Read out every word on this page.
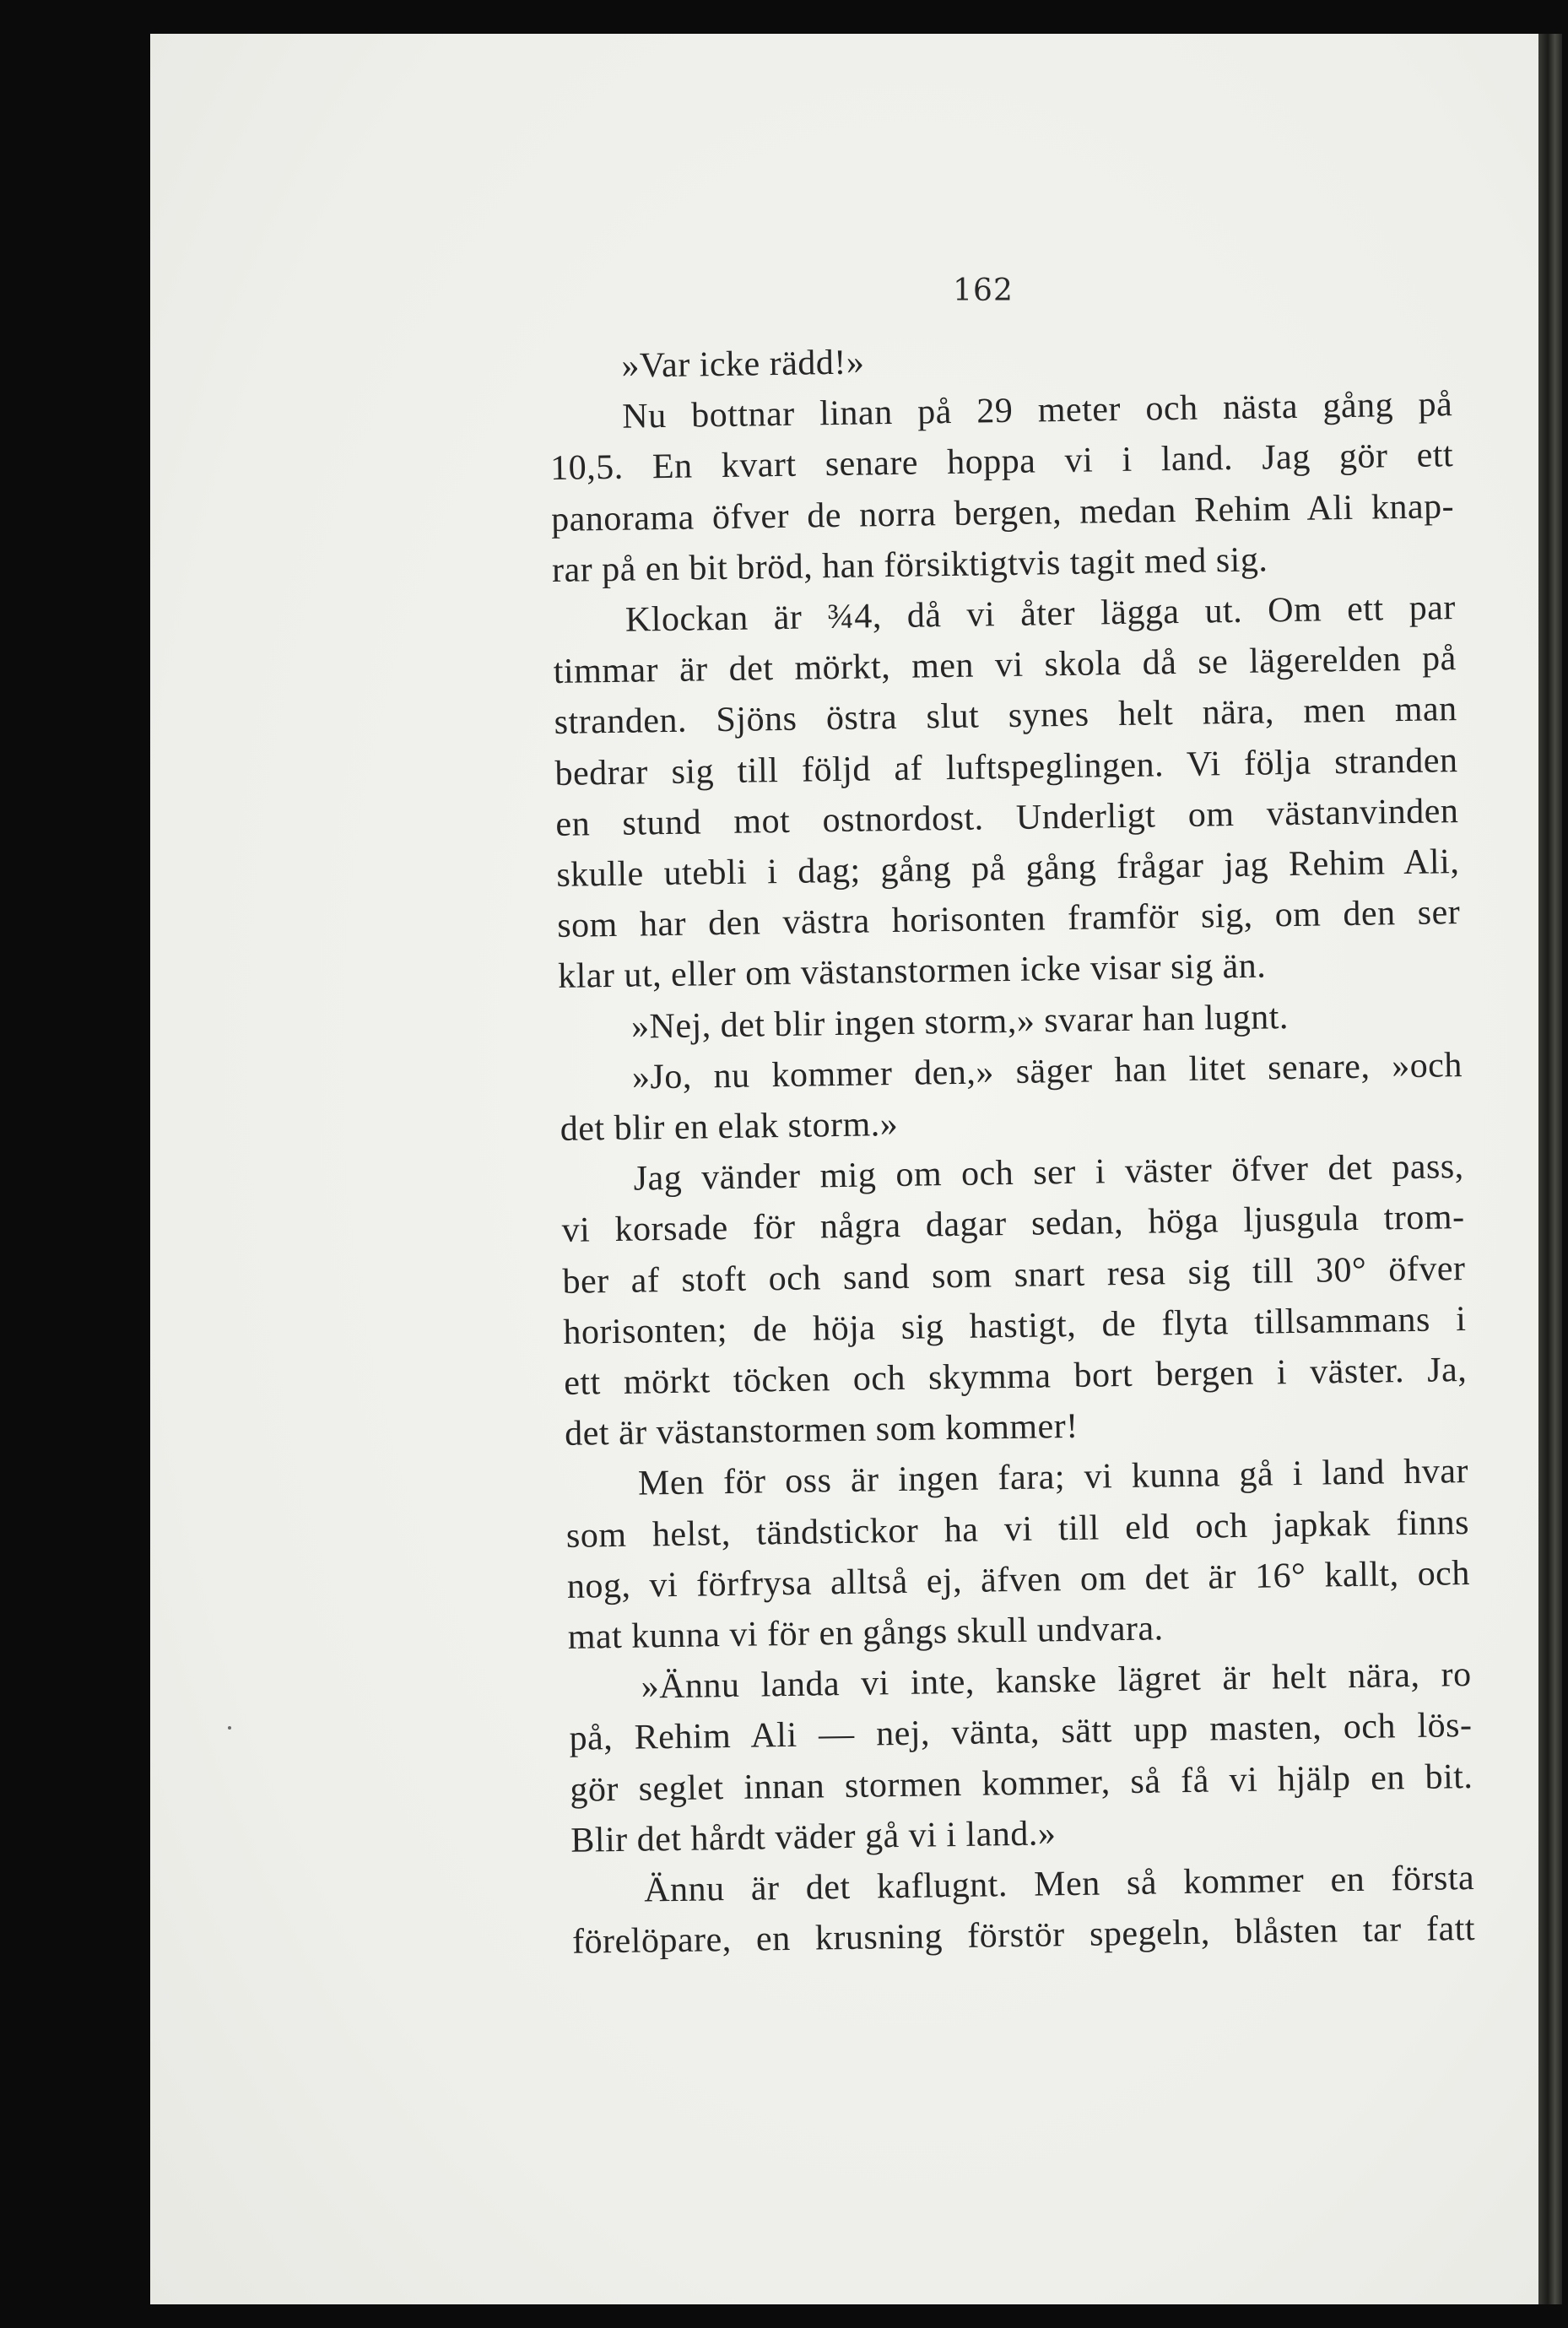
162
»Var icke rädd!»
Nu bottnar linan på 29 meter och nästa gång på
10,5. En kvart senare hoppa vi i land. Jag gör ett
panorama öfver de norra bergen, medan Rehim Ali knap-
rar på en bit bröd, han försiktigtvis tagit med sig.
Klockan är ¾4, då vi åter lägga ut. Om ett par
timmar är det mörkt, men vi skola då se lägerelden på
stranden. Sjöns östra slut synes helt nära, men man
bedrar sig till följd af luftspeglingen. Vi följa stranden
en stund mot ostnordost. Underligt om västanvinden
skulle utebli i dag; gång på gång frågar jag Rehim Ali,
som har den västra horisonten framför sig, om den ser
klar ut, eller om västanstormen icke visar sig än.
»Nej, det blir ingen storm,» svarar han lugnt.
»Jo, nu kommer den,» säger han litet senare, »och
det blir en elak storm.»
Jag vänder mig om och ser i väster öfver det pass,
vi korsade för några dagar sedan, höga ljusgula trom-
ber af stoft och sand som snart resa sig till 30° öfver
horisonten; de höja sig hastigt, de flyta tillsammans i
ett mörkt töcken och skymma bort bergen i väster. Ja,
det är västanstormen som kommer!
Men för oss är ingen fara; vi kunna gå i land hvar
som helst, tändstickor ha vi till eld och japkak finns
nog, vi förfrysa alltså ej, äfven om det är 16° kallt, och
mat kunna vi för en gångs skull undvara.
»Ännu landa vi inte, kanske lägret är helt nära, ro
på, Rehim Ali — nej, vänta, sätt upp masten, och lös-
gör seglet innan stormen kommer, så få vi hjälp en bit.
Blir det hårdt väder gå vi i land.»
Ännu är det kaflugnt. Men så kommer en första
förelöpare, en krusning förstör spegeln, blåsten tar fatt
